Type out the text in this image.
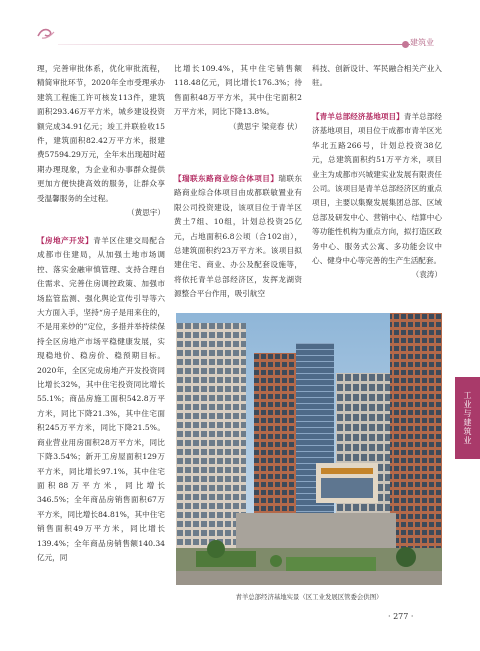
建筑业

理，完善审批体系，优化审批流程，精简审批环节，2020年全市受理承办建筑工程施工许可核发113件，建筑面积293.46万平方米，城乡建设投资额完成34.91亿元；竣工并联验收15件，建筑面积82.42万平方米，报建费57594.29万元，全年未出现超时超期办理现象，为企业和办事群众提供更加方便快捷高效的服务，让群众享受温馨服务的全过程。

（黄思宇）

【房地产开发】青羊区住建交局配合成都市住建局，从加强土地市场调控、落实金融审慎管理、支持合理自住需求、完善住房调控政策、加强市场监管监测、强化舆论宣传引导等六大方面入手，坚持“房子是用来住的，不是用来炒的”定位，多措并举持续保持全区房地产市场平稳健康发展，实现稳地价、稳房价、稳预期目标。2020年，全区完成房地产开发投资同比增长32%，其中住宅投资同比增长55.1%；商品房施工面积542.8万平方米，同比下降21.3%，其中住宅面积245万平方米，同比下降21.5%。商业营业用房面积28万平方米，同比下降3.54%；新开工房屋面积129万平方米，同比增长97.1%，其中住宅面积88万平方米，同比增长346.5%；全年商品房销售面积67万平方米，同比增长84.81%，其中住宅销售面积49万平方米，同比增长139.4%；全年商品房销售额140.34亿元，同

比增长109.4%，其中住宅销售额118.48亿元，同比增长176.3%；待售面积48万平方米，其中住宅面积2万平方米，同比下降13.8%。

（黄思宇 梁竞春 伏）

【瑞联东路商业综合体项目】瑞联东路商业综合体项目由成都联敏置业有限公司投资建设，该项目位于青羊区黄土7组、10组，计划总投资25亿元，占地面积6.8公顷（合102亩），总建筑面积约23万平方米。该项目拟建住宅、商业、办公及配套设施等，将依托青羊总部经济区，发挥龙湖资源整合平台作用，吸引航空

科技、创新设计、军民融合相关产业入驻。

【青羊总部经济基地项目】青羊总部经济基地项目，项目位于成都市青羊区光华北五路266号，计划总投资38亿元，总建筑面积约51万平方米，项目业主为成都市兴城建实业发展有限责任公司。该项目是青羊总部经济区的重点项目，主要以集聚发展集团总部、区域总部及研发中心、营销中心、结算中心等功能性机构为重点方向，拟打造区政务中心、服务式公寓、多功能会议中心、健身中心等完善的生产生活配套。

（袁涛）

工业与建筑业
青羊总部经济基地实景（区工业发展区管委会供图）
· 277 ·
